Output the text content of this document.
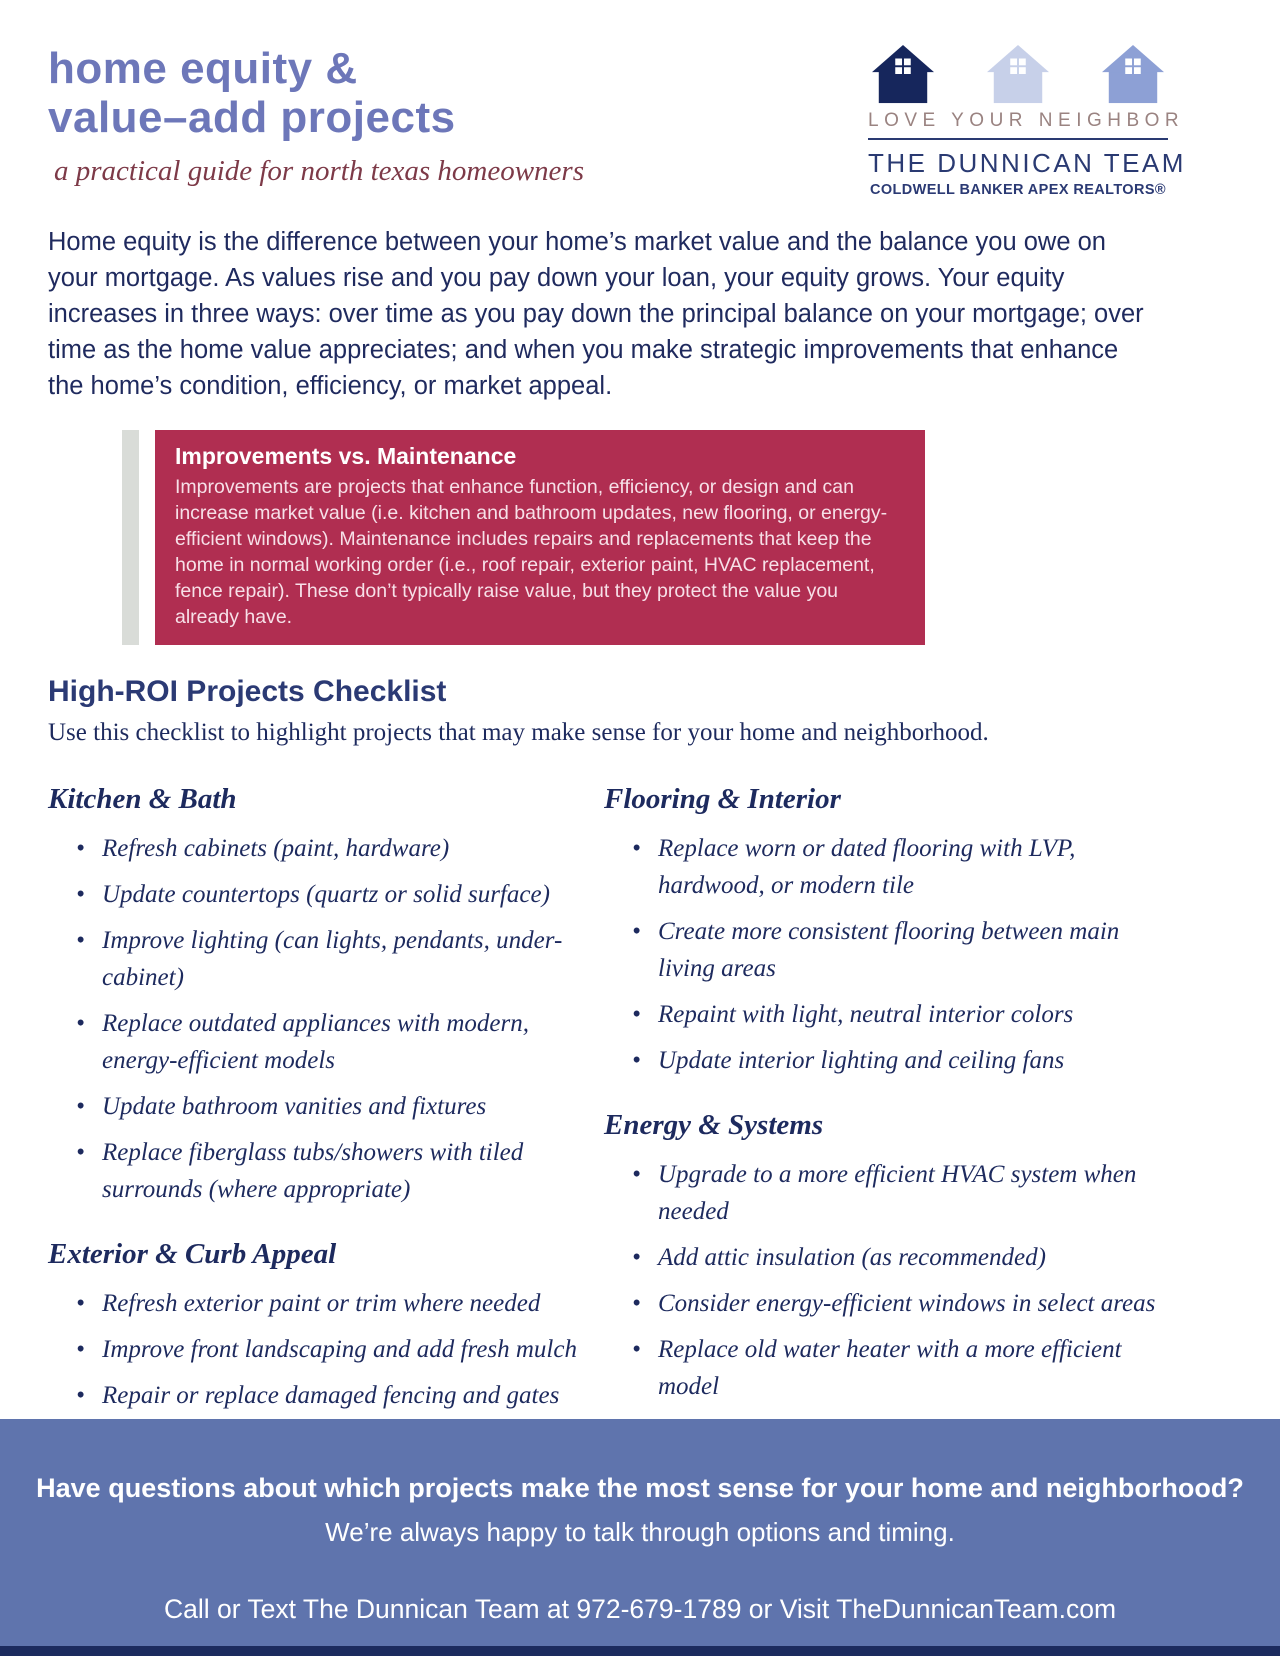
home equity &
value–add projects

a practical guide for north texas homeowners

LOVE YOUR NEIGHBOR
THE DUNNICAN TEAM
COLDWELL BANKER APEX REALTORS®

Home equity is the difference between your home’s market value and the balance you owe on your mortgage. As values rise and you pay down your loan, your equity grows. Your equity increases in three ways: over time as you pay down the principal balance on your mortgage; over time as the home value appreciates; and when you make strategic improvements that enhance the home’s condition, efficiency, or market appeal.

Improvements vs. Maintenance

Improvements are projects that enhance function, efficiency, or design and can increase market value (i.e. kitchen and bathroom updates, new flooring, or energy-efficient windows). Maintenance includes repairs and replacements that keep the home in normal working order (i.e., roof repair, exterior paint, HVAC replacement, fence repair). These don’t typically raise value, but they protect the value you already have.

High-ROI Projects Checklist

Use this checklist to highlight projects that may make sense for your home and neighborhood.

Kitchen & Bath
• Refresh cabinets (paint, hardware)
• Update countertops (quartz or solid surface)
• Improve lighting (can lights, pendants, under-cabinet)
• Replace outdated appliances with modern, energy-efficient models
• Update bathroom vanities and fixtures
• Replace fiberglass tubs/showers with tiled surrounds (where appropriate)
Exterior & Curb Appeal
• Refresh exterior paint or trim where needed
• Improve front landscaping and add fresh mulch
• Repair or replace damaged fencing and gates
•
Flooring & Interior
• Replace worn or dated flooring with LVP, hardwood, or modern tile
• Create more consistent flooring between main living areas
• Repaint with light, neutral interior colors
• Update interior lighting and ceiling fans
Energy & Systems
• Upgrade to a more efficient HVAC system when needed
• Add attic insulation (as recommended)
• Consider energy-efficient windows in select areas
• Replace old water heater with a more efficient model

Have questions about which projects make the most sense for your home and neighborhood?

We’re always happy to talk through options and timing.

Call or Text The Dunnican Team at 972-679-1789 or Visit TheDunnicanTeam.com
